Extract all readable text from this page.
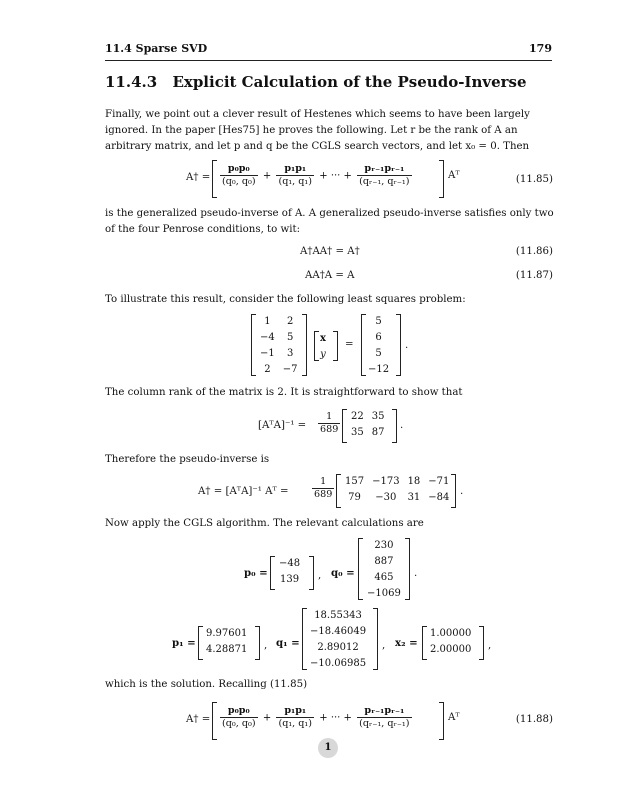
11.4 Sparse SVD	179
11.4.3 Explicit Calculation of the Pseudo-Inverse
Finally, we point out a clever result of Hestenes which seems to have been largely
ignored. In the paper [Hes75] he proves the following. Let r be the rank of A an
arbitrary matrix, and let p and q be the CGLS search vectors, and let x₀ = 0. Then
A† = $\frac{\text{p₀p₀}}{\text{(q₀, q₀)}} + \frac{\text{p₁p₁}}{\text{(q₁, q₁)}}$ + ··· + $\frac{\text{pᵣ₋₁pᵣ₋₁}}{\text{(qᵣ₋₁, qᵣ₋₁)}}$	Aᵀ	(11.85)
is the generalized pseudo-inverse of A. A generalized pseudo-inverse satisfies only two
of the four Penrose conditions, to wit:
A†AA† = A†	(11.86)
AA†A = A	(11.87)
To illustrate this result, consider the following least squares problem:
1	2
−4	5
−1	3
2	−7
x
y
=
5
6
5
−12
.
The column rank of the matrix is 2. It is straightforward to show that
[AᵀA]⁻¹ = $\frac{1}{689} 22$	35
35	87
.
Therefore the pseudo-inverse is
A† = [AᵀA]⁻¹ Aᵀ = $\frac{1}{689} 157$	−173	18	−71
79	−30	31	−84
.
Now apply the CGLS algorithm. The relevant calculations are
p₀ =
−48
139 , q₀ =
230
887
465
−1069
.
p₁ =
9.97601
4.28871 , q₁ =
18.55343
−18.46049
2.89012
−10.06985
, x₂ =
1.00000
2.00000 ,
which is the solution. Recalling (11.85)
A† = $\frac{\text{p₀p₀}}{\text{(q₀, q₀)}} + \frac{\text{p₁p₁}}{\text{(q₁, q₁)}}$ + ··· + $\frac{\text{pᵣ₋₁pᵣ₋₁}}{\text{(qᵣ₋₁, qᵣ₋₁)}}$	Aᵀ	(11.88)
1
